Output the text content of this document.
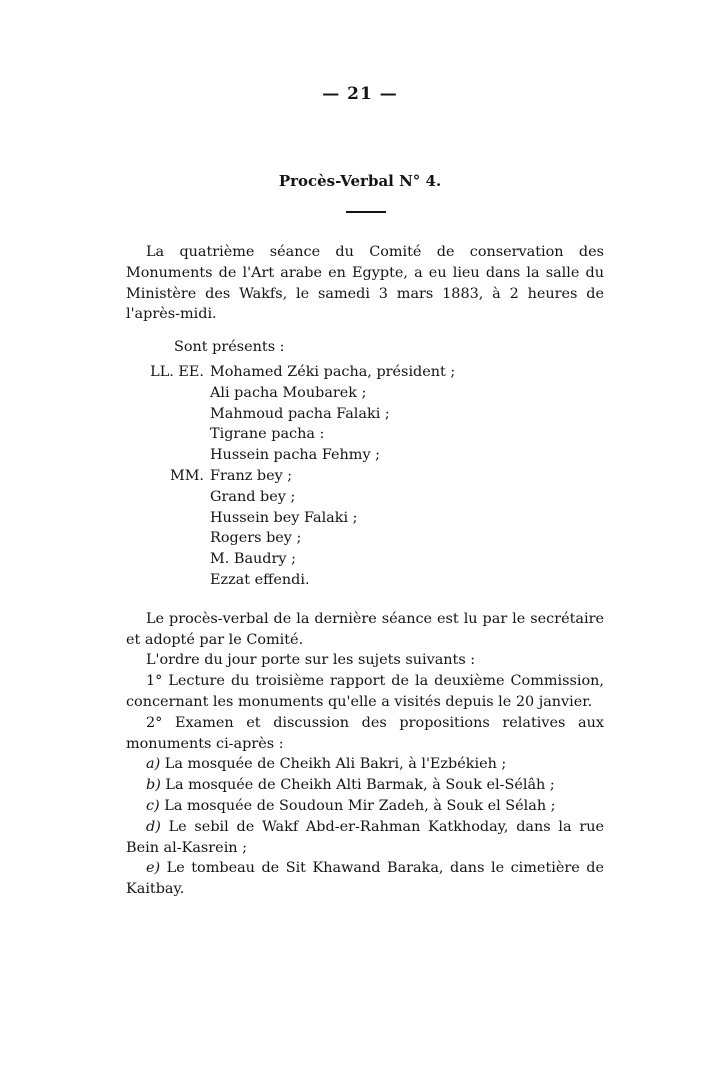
— 21 —
Procès-Verbal N° 4.

La quatrième séance du Comité de conservation des Monuments de l'Art arabe en Egypte, a eu lieu dans la salle du Ministère des Wakfs, le samedi 3 mars 1883, à 2 heures de l'après-midi.

Sont présents :
LL. EE. Mohamed Zéki pacha, président ;
Ali pacha Moubarek ;
Mahmoud pacha Falaki ;
Tigrane pacha :
Hussein pacha Fehmy ;
MM. Franz bey ;
Grand bey ;
Hussein bey Falaki ;
Rogers bey ;
M. Baudry ;
Ezzat effendi.

Le procès-verbal de la dernière séance est lu par le secrétaire et adopté par le Comité.

L'ordre du jour porte sur les sujets suivants :

1° Lecture du troisième rapport de la deuxième Commission, concernant les monuments qu'elle a visités depuis le 20 janvier.

2° Examen et discussion des propositions relatives aux monuments ci-après :

a) La mosquée de Cheikh Ali Bakri, à l'Ezbékieh ;

b) La mosquée de Cheikh Alti Barmak, à Souk el-Sélâh ;

c) La mosquée de Soudoun Mir Zadeh, à Souk el Sélah ;

d) Le sebil de Wakf Abd-er-Rahman Katkhoday, dans la rue Bein al-Kasrein ;

e) Le tombeau de Sit Khawand Baraka, dans le cimetière de Kaitbay.
